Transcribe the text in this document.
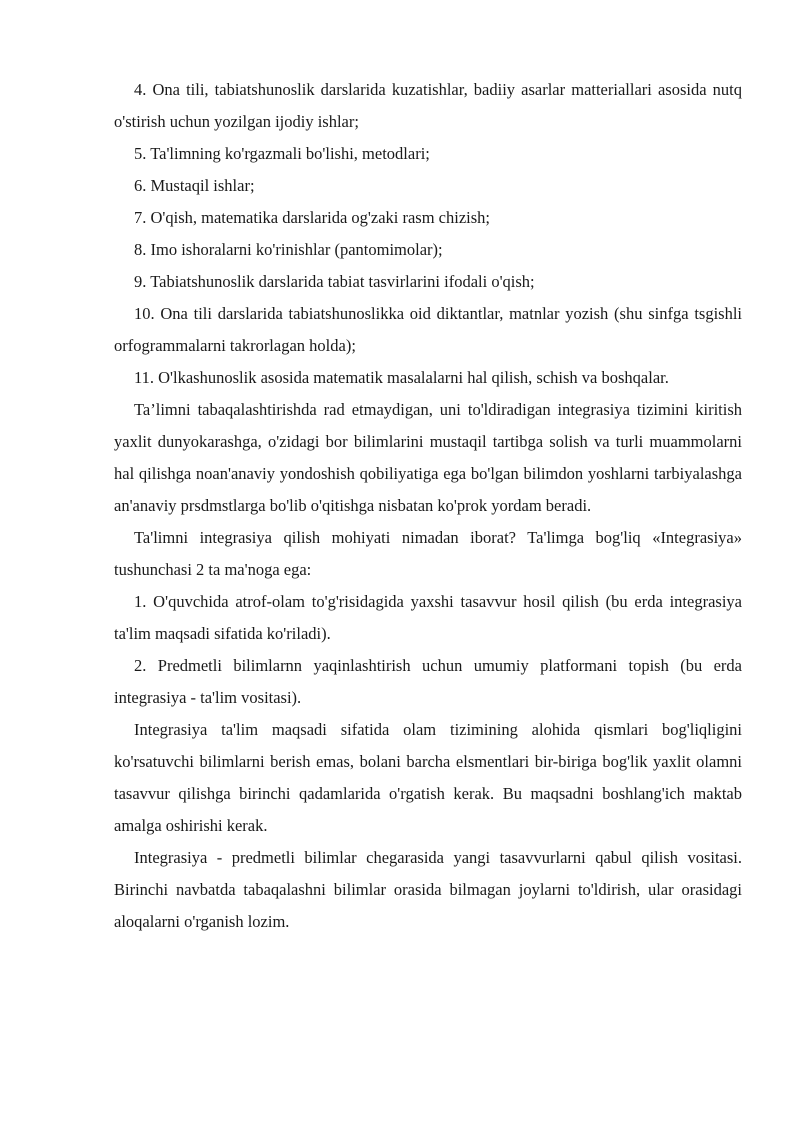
4. Ona tili, tabiatshunoslik darslarida kuzatishlar, badiiy asarlar matteriallari asosida nutq o'stirish uchun yozilgan ijodiy ishlar;

5. Ta'limning ko'rgazmali bo'lishi, metodlari;

6. Mustaqil ishlar;

7. O'qish, matematika darslarida og'zaki rasm chizish;

8. Imo ishoralarni ko'rinishlar (pantomimolar);

9. Tabiatshunoslik darslarida tabiat tasvirlarini ifodali o'qish;

10. Ona tili darslarida tabiatshunoslikka oid diktantlar, matnlar yozish (shu sinfga tsgishli orfogrammalarni takrorlagan holda);

11. O'lkashunoslik asosida matematik masalalarni hal qilish, schish va boshqalar.

Ta’limni tabaqalashtirishda rad etmaydigan, uni to'ldiradigan integrasiya tizimini kiritish yaxlit dunyokarashga, o'zidagi bor bilimlarini mustaqil tartibga solish va turli muammolarni hal qilishga noan'anaviy yondoshish qobiliyatiga ega bo'lgan bilimdon yoshlarni tarbiyalashga an'anaviy prsdmstlarga bo'lib o'qitishga nisbatan ko'prok yordam beradi.

Ta'limni integrasiya qilish mohiyati nimadan iborat? Ta'limga bog'liq «Integrasiya» tushunchasi 2 ta ma'noga ega:

1. O'quvchida atrof-olam to'g'risidagida yaxshi tasavvur hosil qilish (bu erda integrasiya ta'lim maqsadi sifatida ko'riladi).

2. Predmetli bilimlarnn yaqinlashtirish uchun umumiy platformani topish (bu erda integrasiya - ta'lim vositasi).

Integrasiya ta'lim maqsadi sifatida olam tizimining alohida qismlari bog'liqligini ko'rsatuvchi bilimlarni berish emas, bolani barcha elsmentlari bir-biriga bog'lik yaxlit olamni tasavvur qilishga birinchi qadamlarida o'rgatish kerak. Bu maqsadni boshlang'ich maktab amalga oshirishi kerak.

Integrasiya - predmetli bilimlar chegarasida yangi tasavvurlarni qabul qilish vositasi. Birinchi navbatda tabaqalashni bilimlar orasida bilmagan joylarni to'ldirish, ular orasidagi aloqalarni o'rganish lozim.
